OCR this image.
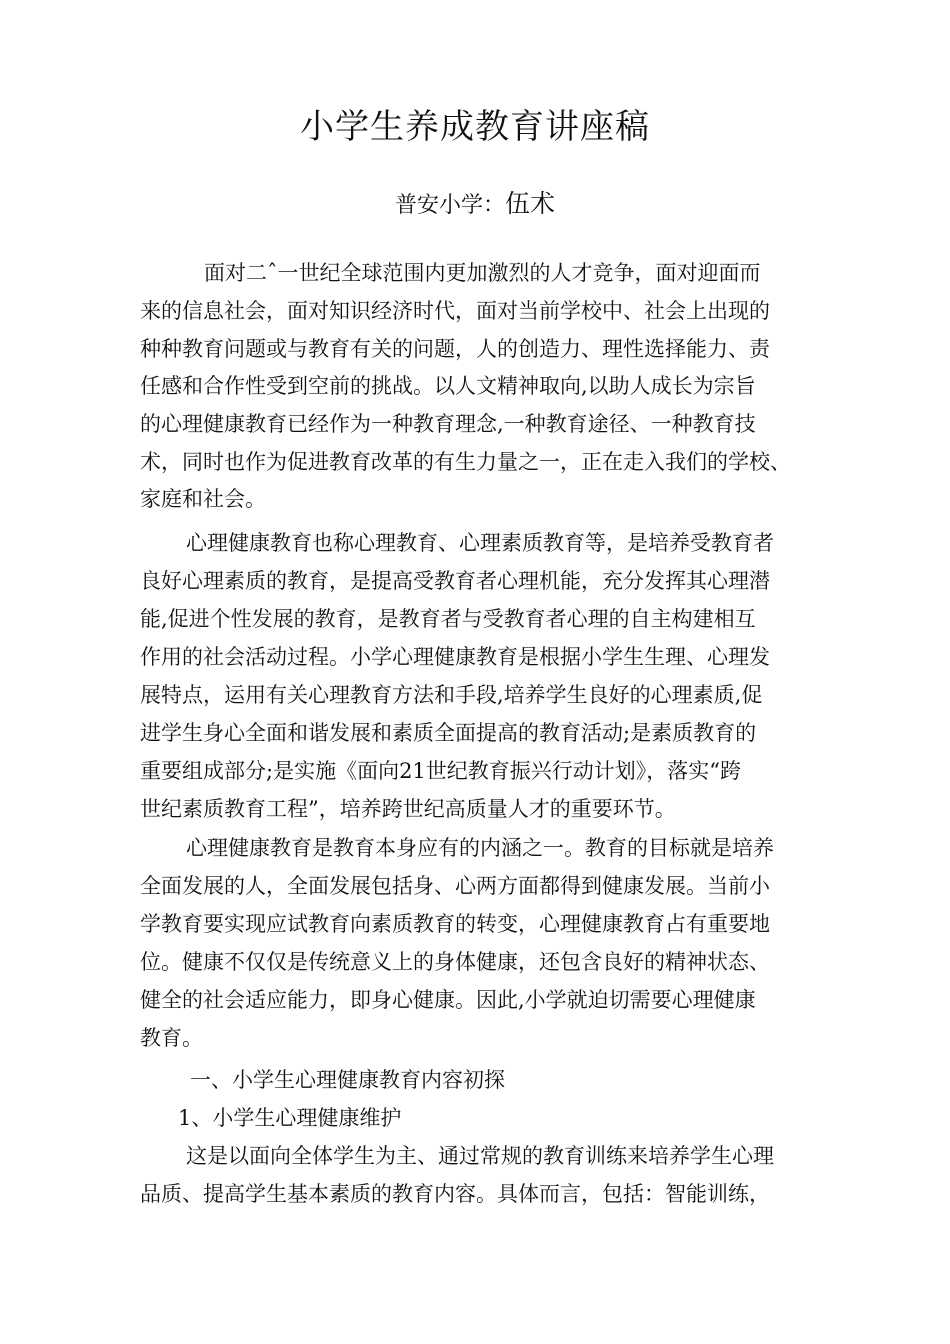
小学生养成教育讲座稿
普安小学：伍术
面对二ˆ一世纪全球范围内更加激烈的人才竞争，面对迎面而
来的信息社会，面对知识经济时代，面对当前学校中、社会上出现的
种种教育问题或与教育有关的问题，人的创造力、理性选择能力、责
任感和合作性受到空前的挑战。以人文精神取向,以助人成长为宗旨
的心理健康教育已经作为一种教育理念,一种教育途径、一种教育技
术，同时也作为促进教育改革的有生力量之一，正在走入我们的学校、
家庭和社会。
心理健康教育也称心理教育、心理素质教育等，是培养受教育者
良好心理素质的教育，是提高受教育者心理机能，充分发挥其心理潜
能,促进个性发展的教育，是教育者与受教育者心理的自主构建相互
作用的社会活动过程。小学心理健康教育是根据小学生生理、心理发
展特点，运用有关心理教育方法和手段,培养学生良好的心理素质,促
进学生身心全面和谐发展和素质全面提高的教育活动;是素质教育的
重要组成部分;是实施《面向21世纪教育振兴行动计划》，落实“跨
世纪素质教育工程”，培养跨世纪高质量人才的重要环节。
心理健康教育是教育本身应有的内涵之一。教育的目标就是培养
全面发展的人，全面发展包括身、心两方面都得到健康发展。当前小
学教育要实现应试教育向素质教育的转变，心理健康教育占有重要地
位。健康不仅仅是传统意义上的身体健康，还包含良好的精神状态、
健全的社会适应能力，即身心健康。因此,小学就迫切需要心理健康
教育。
一、小学生心理健康教育内容初探
1、小学生心理健康维护
这是以面向全体学生为主、通过常规的教育训练来培养学生心理
品质、提高学生基本素质的教育内容。具体而言，包括：智能训练，
